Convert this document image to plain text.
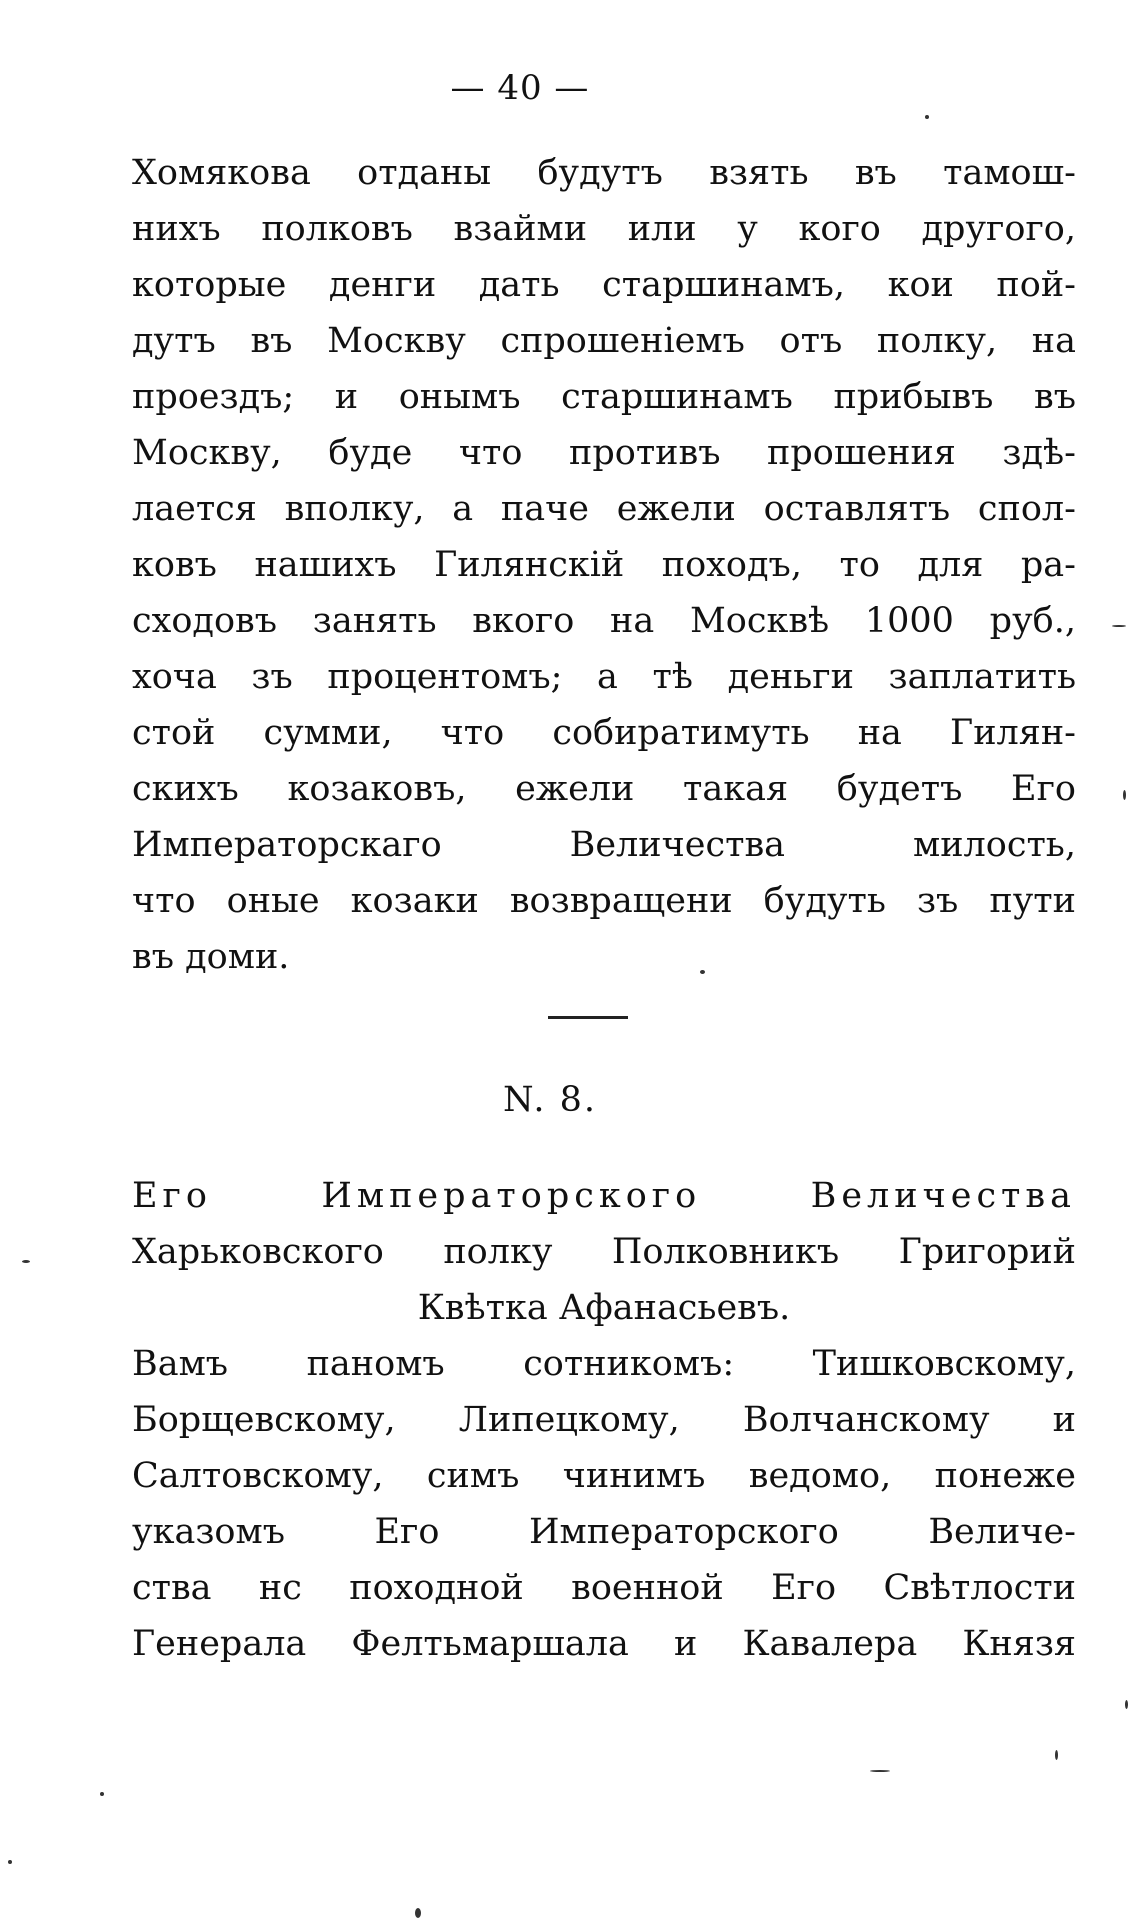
— 40 —
Хомякова отданы будутъ взять въ тамош-
нихъ полковъ взайми или у кого другого,
которые денги дать старшинамъ, кои пой-
дутъ въ Москву спрошеніемъ отъ полку, на
проездъ; и онымъ старшинамъ прибывъ въ
Москву, буде что противъ прошения здѣ-
лается вполку, а паче ежели оставлятъ спол-
ковъ нашихъ Гилянскій походъ, то для ра-
сходовъ занять вкого на Москвѣ 1000 руб.,
хоча зъ процентомъ; а тѣ деньги заплатить
стой сумми, что собиратимуть на Гилян-
скихъ козаковъ, ежели такая будетъ Его
Императорскаго Величества милость,
что оные козаки возвращени будуть зъ пути
въ доми.
N. 8.
Его Императорского Величества
Харьковского полку Полковникъ Григорий
Квѣтка Афанасьевъ.
Вамъ паномъ сотникомъ: Тишковскому,
Борщевскому, Липецкому, Волчанскому и
Салтовскому, симъ чинимъ ведомо, понеже
указомъ Его Императорского Величе-
ства нс походной военной Его Свѣтлости
Генерала Фелтьмаршала и Кавалера Князя
